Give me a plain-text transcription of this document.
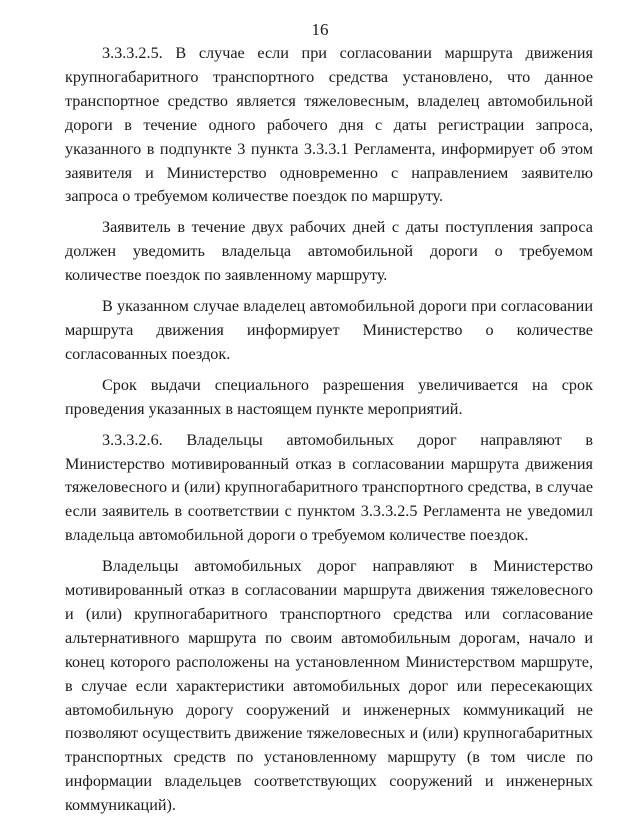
16

3.3.3.2.5. В случае если при согласовании маршрута движения крупногабаритного транспортного средства установлено, что данное транспортное средство является тяжеловесным, владелец автомобильной дороги в течение одного рабочего дня с даты регистрации запроса, указанного в подпункте 3 пункта 3.3.3.1 Регламента, информирует об этом заявителя и Министерство одновременно с направлением заявителю запроса о требуемом количестве поездок по маршруту.

Заявитель в течение двух рабочих дней с даты поступления запроса должен уведомить владельца автомобильной дороги о требуемом количестве поездок по заявленному маршруту.

В указанном случае владелец автомобильной дороги при согласовании маршрута движения информирует Министерство о количестве согласованных поездок.

Срок выдачи специального разрешения увеличивается на срок проведения указанных в настоящем пункте мероприятий.

3.3.3.2.6. Владельцы автомобильных дорог направляют в Министерство мотивированный отказ в согласовании маршрута движения тяжеловесного и (или) крупногабаритного транспортного средства, в случае если заявитель в соответствии с пунктом 3.3.3.2.5 Регламента не уведомил владельца автомобильной дороги о требуемом количестве поездок.

Владельцы автомобильных дорог направляют в Министерство мотивированный отказ в согласовании маршрута движения тяжеловесного и (или) крупногабаритного транспортного средства или согласование альтернативного маршрута по своим автомобильным дорогам, начало и конец которого расположены на установленном Министерством маршруте, в случае если характеристики автомобильных дорог или пересекающих автомобильную дорогу сооружений и инженерных коммуникаций не позволяют осуществить движение тяжеловесных и (или) крупногабаритных транспортных средств по установленному маршруту (в том числе по информации владельцев соответствующих сооружений и инженерных коммуникаций).
